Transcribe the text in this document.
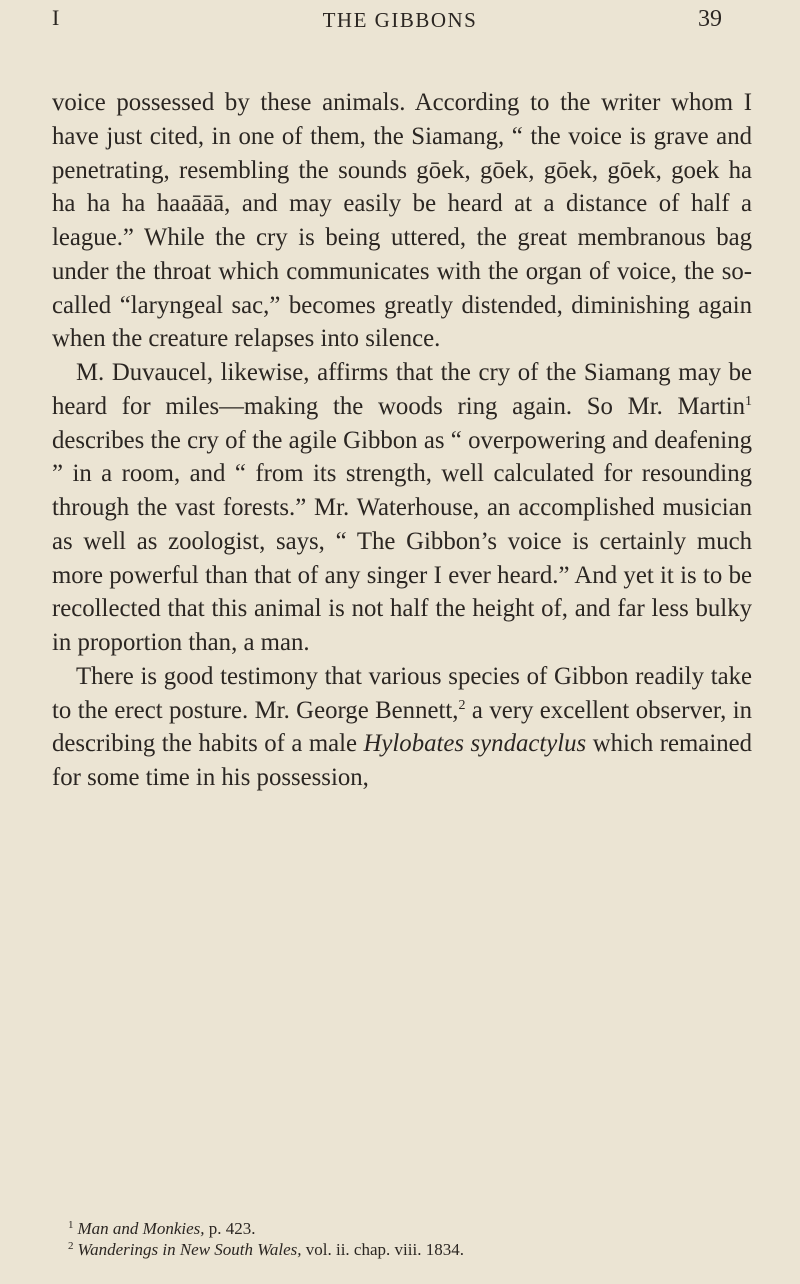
I	THE GIBBONS	39

voice possessed by these animals. According to the writer whom I have just cited, in one of them, the Siamang, “ the voice is grave and penetrating, resembling the sounds gōek, gōek, gōek, gōek, goek ha ha ha ha haaāāā, and may easily be heard at a distance of half a league.” While the cry is being uttered, the great membranous bag under the throat which communicates with the organ of voice, the so-called “laryngeal sac,” becomes greatly distended, diminishing again when the creature relapses into silence.

M. Duvaucel, likewise, affirms that the cry of the Siamang may be heard for miles—making the woods ring again. So Mr. Martin$^1$ describes the cry of the agile Gibbon as “ overpowering and deafening ” in a room, and “ from its strength, well calculated for resounding through the vast forests.” Mr. Waterhouse, an accomplished musician as well as zoologist, says, “ The Gibbon’s voice is certainly much more powerful than that of any singer I ever heard.” And yet it is to be recollected that this animal is not half the height of, and far less bulky in proportion than, a man.

There is good testimony that various species of Gibbon readily take to the erect posture. Mr. George Bennett,$^2$ a very excellent observer, in describing the habits of a male Hylobates syndactylus which remained for some time in his possession,

$^1$ Man and Monkies, p. 423.
$^2$ Wanderings in New South Wales, vol. ii. chap. viii. 1834.
